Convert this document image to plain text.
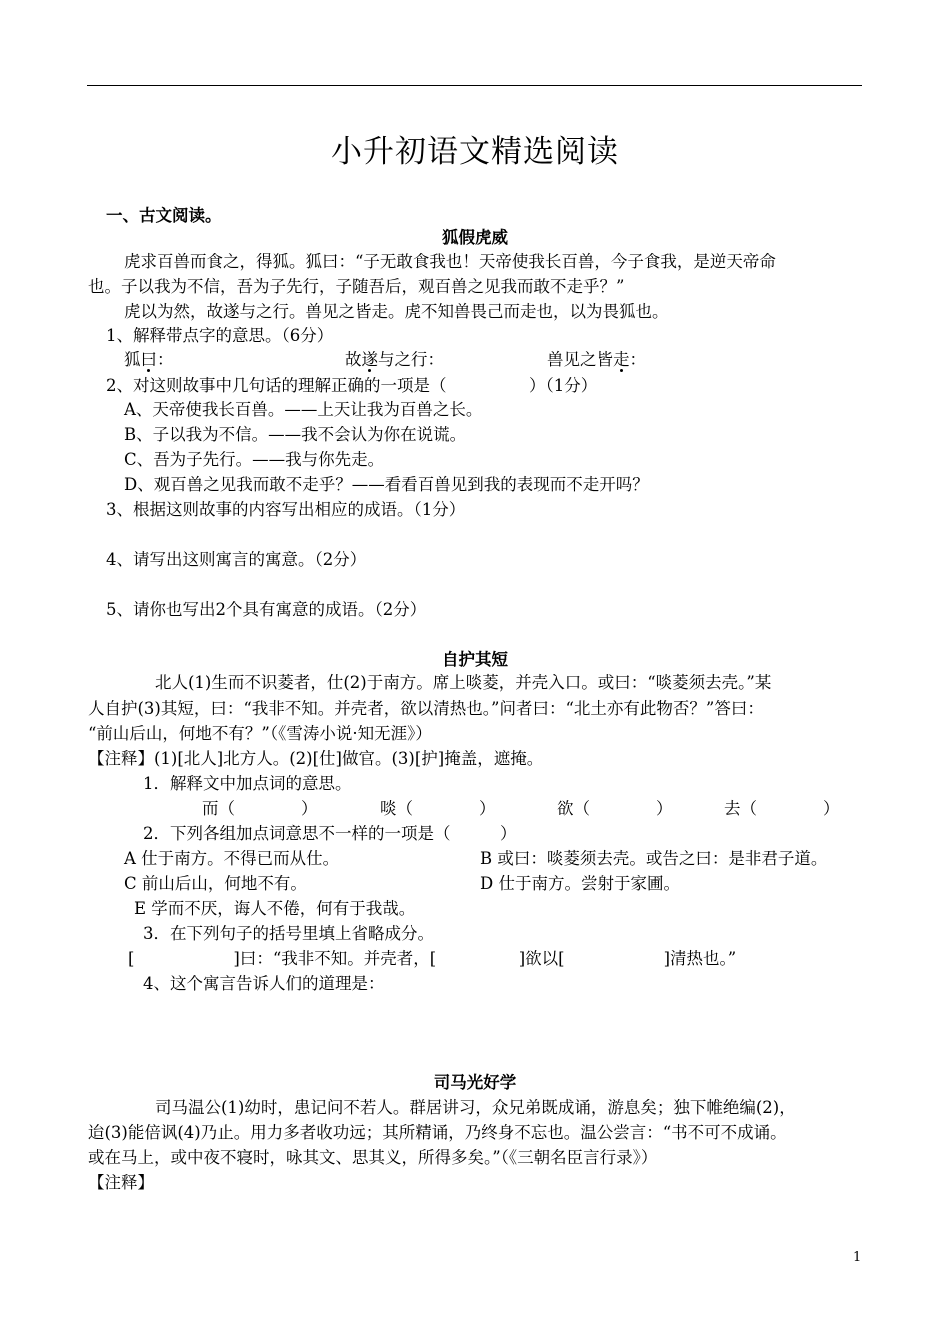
小升初语文精选阅读
一、古文阅读。
狐假虎威
虎求百兽而食之，得狐。狐曰：“子无敢食我也！天帝使我长百兽，今子食我，是逆天帝命
也。子以我为不信，吾为子先行，子随吾后，观百兽之见我而敢不走乎？”
虎以为然，故遂与之行。兽见之皆走。虎不知兽畏己而走也，以为畏狐也。
1、解释带点字的意思。（6分）
狐曰：	故遂与之行：	兽见之皆走：
2、对这则故事中几句话的理解正确的一项是（　　　　　）（1分）
A、天帝使我长百兽。——上天让我为百兽之长。
B、子以我为不信。——我不会认为你在说谎。
C、吾为子先行。——我与你先走。
D、观百兽之见我而敢不走乎？——看看百兽见到我的表现而不走开吗？
3、根据这则故事的内容写出相应的成语。（1分）
4、请写出这则寓言的寓意。（2分）
5、请你也写出2个具有寓意的成语。（2分）
自护其短
北人(1)生而不识菱者，仕(2)于南方。席上啖菱，并壳入口。或曰：“啖菱须去壳。”某
人自护(3)其短，曰：“我非不知。并壳者，欲以清热也。”问者曰：“北土亦有此物否？”答曰：
“前山后山，何地不有？”（《雪涛小说·知无涯》）
【注释】(1)[北人]北方人。(2)[仕]做官。(3)[护]掩盖，遮掩。
1．解释文中加点词的意思。
而（　　　　）	啖（　　　　）	欲（　　　　）	去（　　　　）
2．下列各组加点词意思不一样的一项是（　　　）
A 仕于南方。不得已而从仕。	B 或曰：啖菱须去壳。或告之曰：是非君子道。
C 前山后山，何地不有。	D 仕于南方。尝射于家圃。
E 学而不厌，诲人不倦，何有于我哉。
3．在下列句子的括号里填上省略成分。
[　　　　　　]曰：“我非不知。并壳者，[　　　　　]欲以[　　　　　　]清热也。”
4、这个寓言告诉人们的道理是：
司马光好学
司马温公(1)幼时，患记问不若人。群居讲习，众兄弟既成诵，游息矣；独下帷绝编(2)，
迨(3)能倍讽(4)乃止。用力多者收功远；其所精诵，乃终身不忘也。温公尝言：“书不可不成诵。
或在马上，或中夜不寝时，咏其文、思其义，所得多矣。”（《三朝名臣言行录》）
【注释】
1
